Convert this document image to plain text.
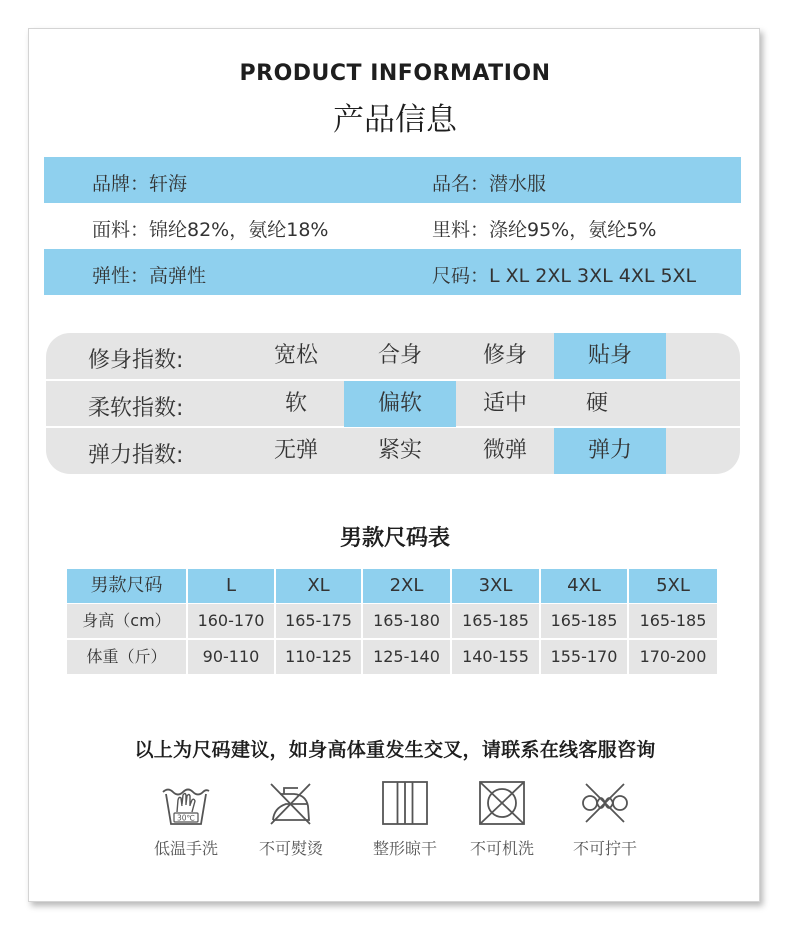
PRODUCT INFORMATION
产品信息
品牌：轩海	品名：潜水服
面料：锦纶82%，氨纶18%	里料：涤纶95%，氨纶5%
弹性：高弹性	尺码：L XL 2XL 3XL 4XL 5XL
修身指数:	宽松	合身	修身	贴身
柔软指数:	软	偏软	适中	硬
弹力指数:	无弹	紧实	微弹	弹力
男款尺码表
男款尺码	L	XL	2XL	3XL	4XL	5XL
身高（cm）	160-170	165-175	165-180	165-185	165-185	165-185
体重（斤）	90-110	110-125	125-140	140-155	155-170	170-200
以上为尺码建议，如身高体重发生交叉，请联系在线客服咨询
30℃
低温手洗	不可熨烫	整形晾干	不可机洗	不可拧干
